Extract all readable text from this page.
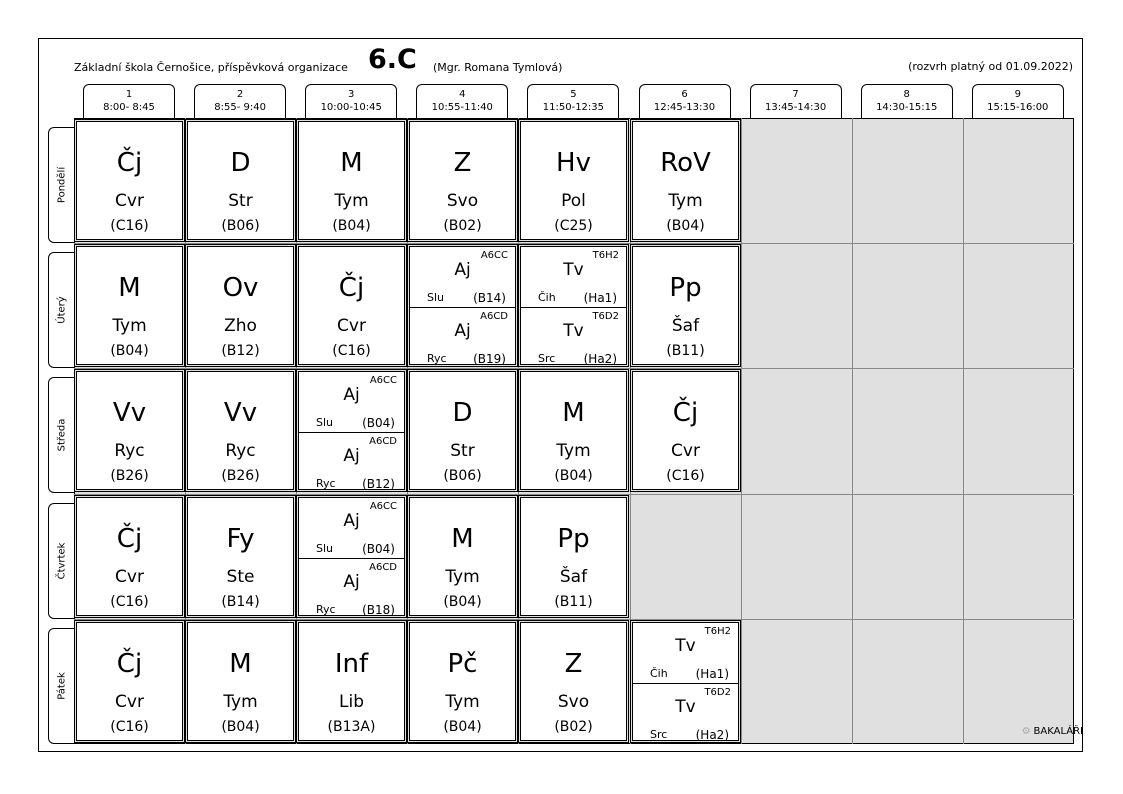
Základní škola Černošice, příspěvková organizace 6.C (Mgr. Romana Tymlová)	(rozvrh platný od 01.09.2022)
1
8:00- 8:45
2
8:55- 9:40
3
10:00-10:45
4
10:55-11:40
5
11:50-12:35
6
12:45-13:30
7
13:45-14:30
8
14:30-15:15
9
15:15-16:00
Pondělí
Úterý
Středa
Čtvrtek
Pátek
Čj
Cvr
(C16)
D
Str
(B06)
M
Tym
(B04)
Z
Svo
(B02)
Hv
Pol
(C25)
RoV
Tym
(B04)
M
Tym
(B04)
Ov
Zho
(B12)
Čj
Cvr
(C16)
A6CC
Aj
Slu (B14)
A6CD
Aj
Ryc (B19)
T6H2
Tv
Čih (Ha1)
T6D2
Tv
Src (Ha2)
Pp
Šaf
(B11)
Vv
Ryc
(B26)
Vv
Ryc
(B26)
A6CC
Aj
Slu (B04)
A6CD
Aj
Ryc (B12)
D
Str
(B06)
M
Tym
(B04)
Čj
Cvr
(C16)
Čj
Cvr
(C16)
Fy
Ste
(B14)
A6CC
Aj
Slu (B04)
A6CD
Aj
Ryc (B18)
M
Tym
(B04)
Pp
Šaf
(B11)
Čj
Cvr
(C16)
M
Tym
(B04)
Inf
Lib
(B13A)
Pč
Tym
(B04)
Z
Svo
(B02)
T6H2
Tv
Čih (Ha1)
T6D2
Tv
Src (Ha2)	⚙ BAKALÁŘI
